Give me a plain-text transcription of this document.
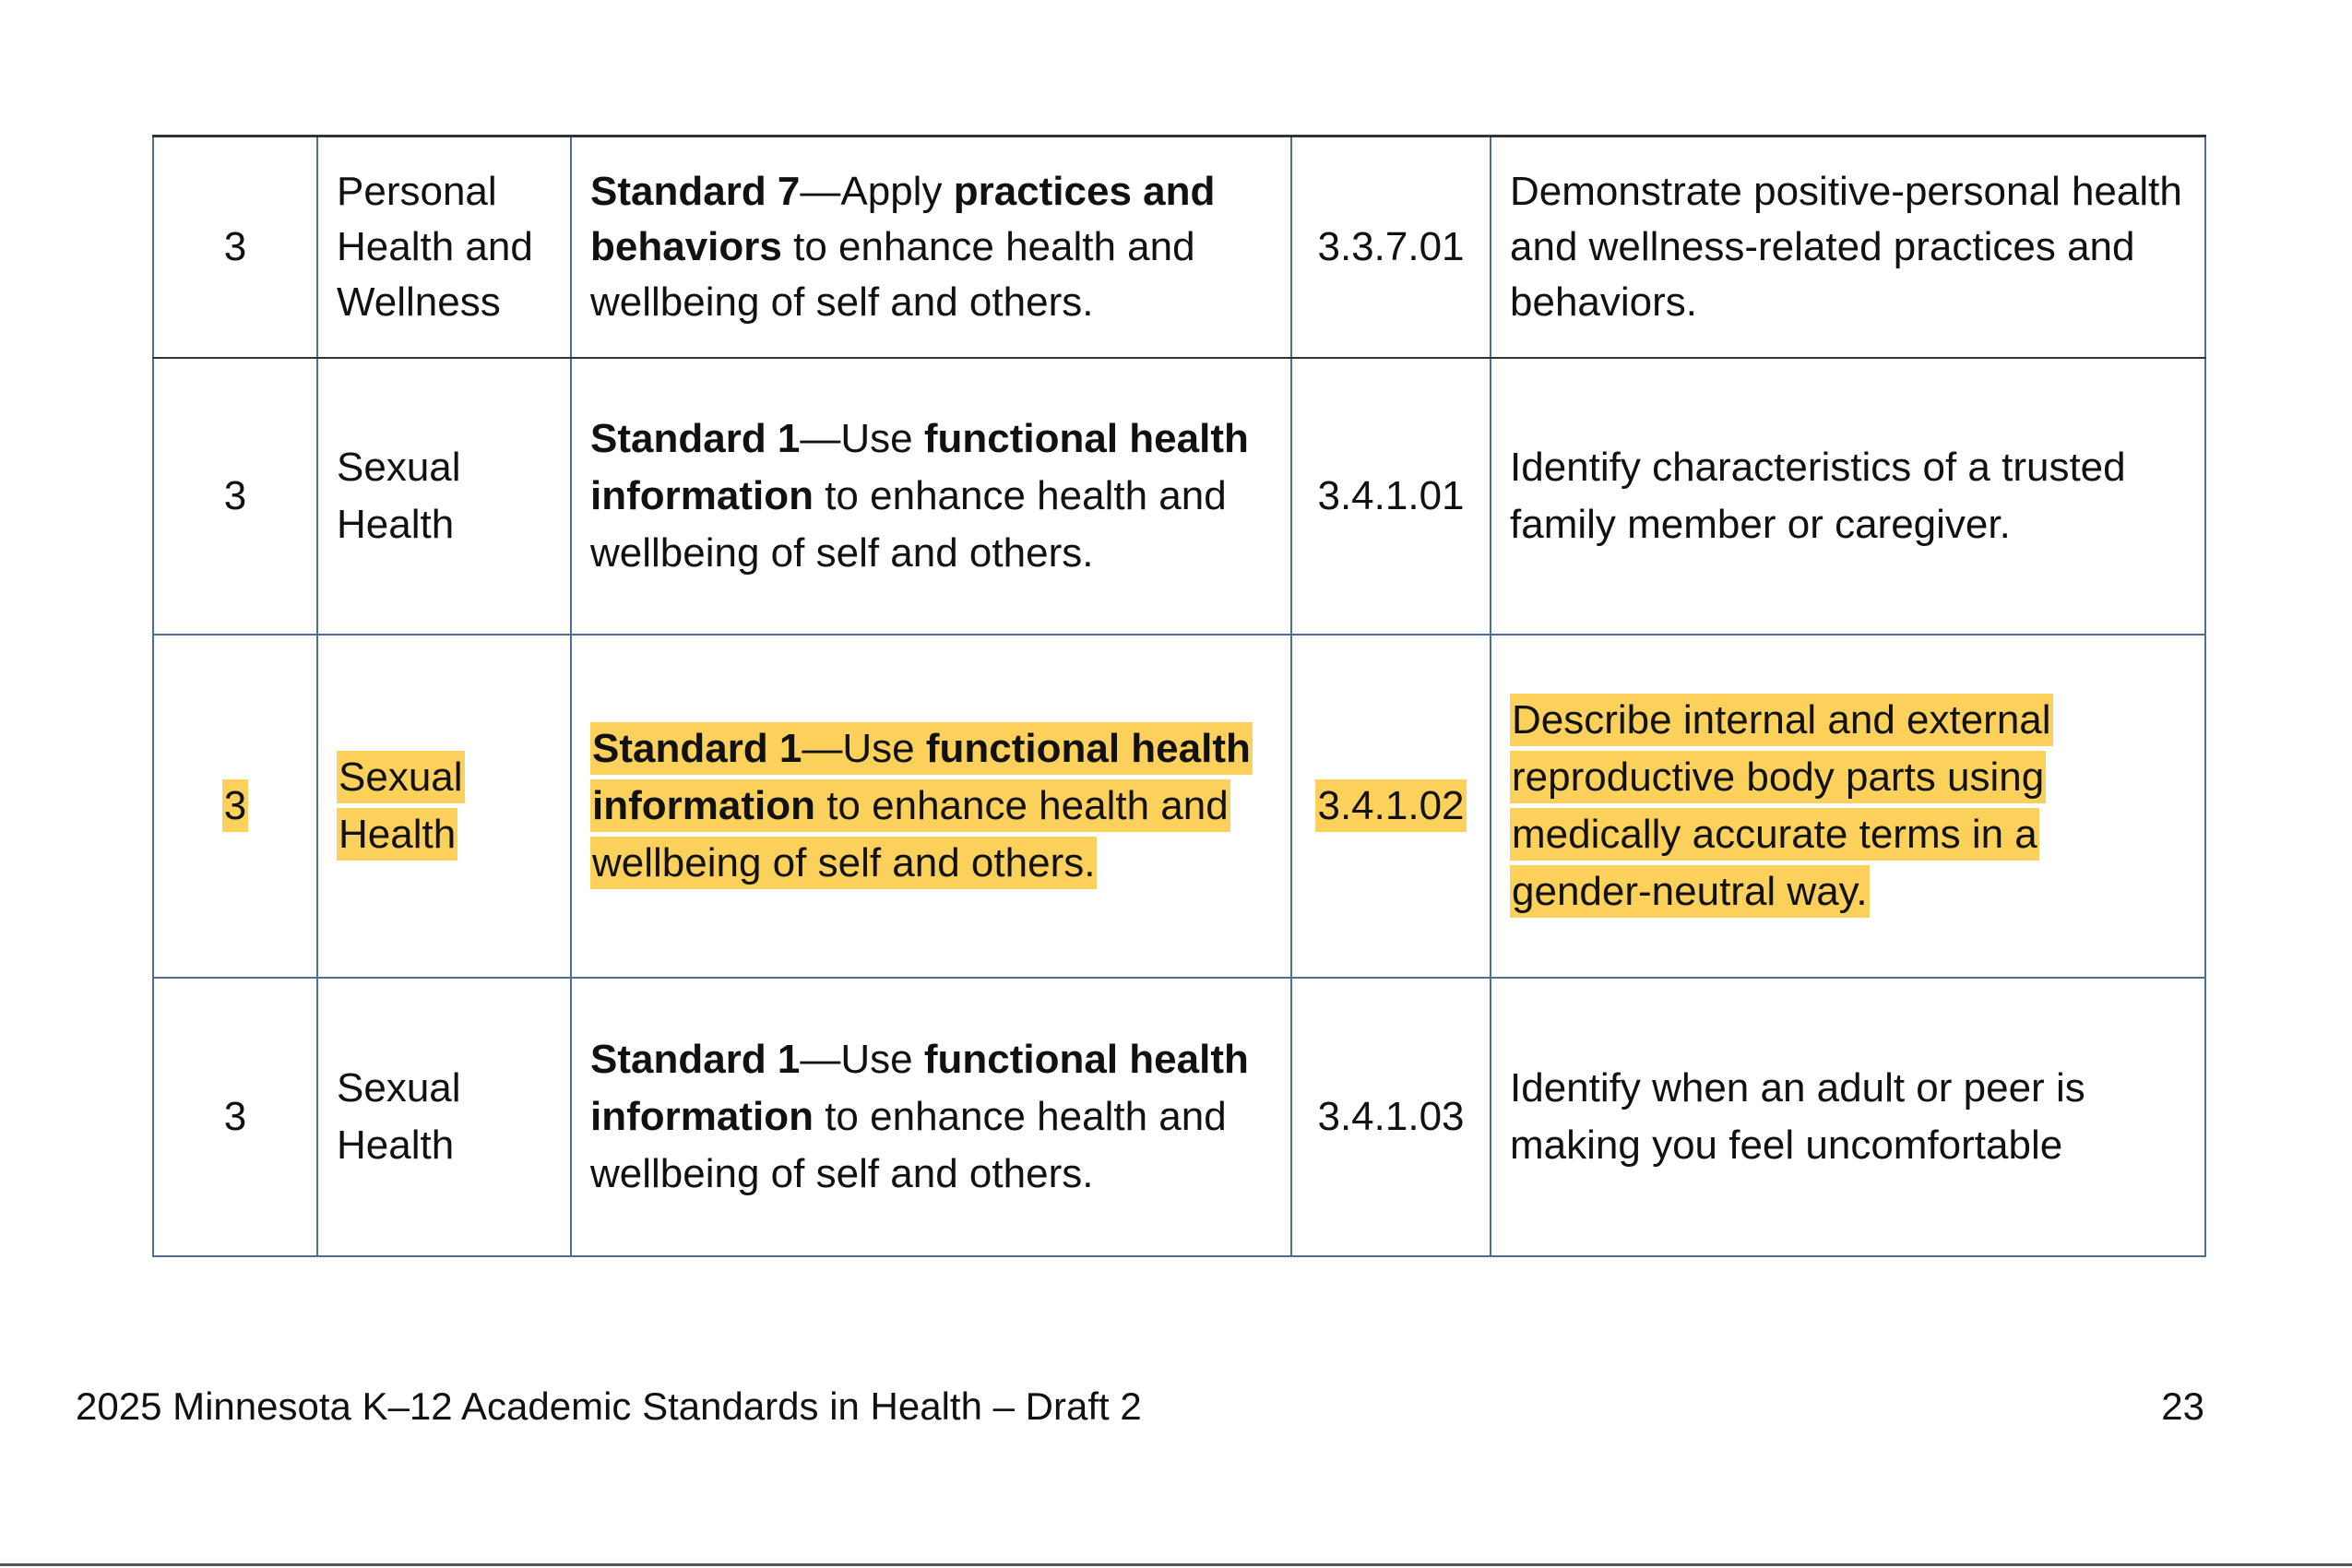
3	Personal Health and Wellness	Standard 7—Apply practices and behaviors to enhance health and wellbeing of self and others.	3.3.7.01	Demonstrate positive-personal health and wellness-related practices and behaviors.
3	Sexual Health	Standard 1—Use functional health information to enhance health and wellbeing of self and others.	3.4.1.01	Identify characteristics of a trusted family member or caregiver.
3	Sexual Health	Standard 1—Use functional health information to enhance health and wellbeing of self and others.	3.4.1.02	Describe internal and external reproductive body parts using medically accurate terms in a gender-neutral way.
3	Sexual Health	Standard 1—Use functional health information to enhance health and wellbeing of self and others.	3.4.1.03	Identify when an adult or peer is making you feel uncomfortable
2025 Minnesota K–12 Academic Standards in Health – Draft 2	23
